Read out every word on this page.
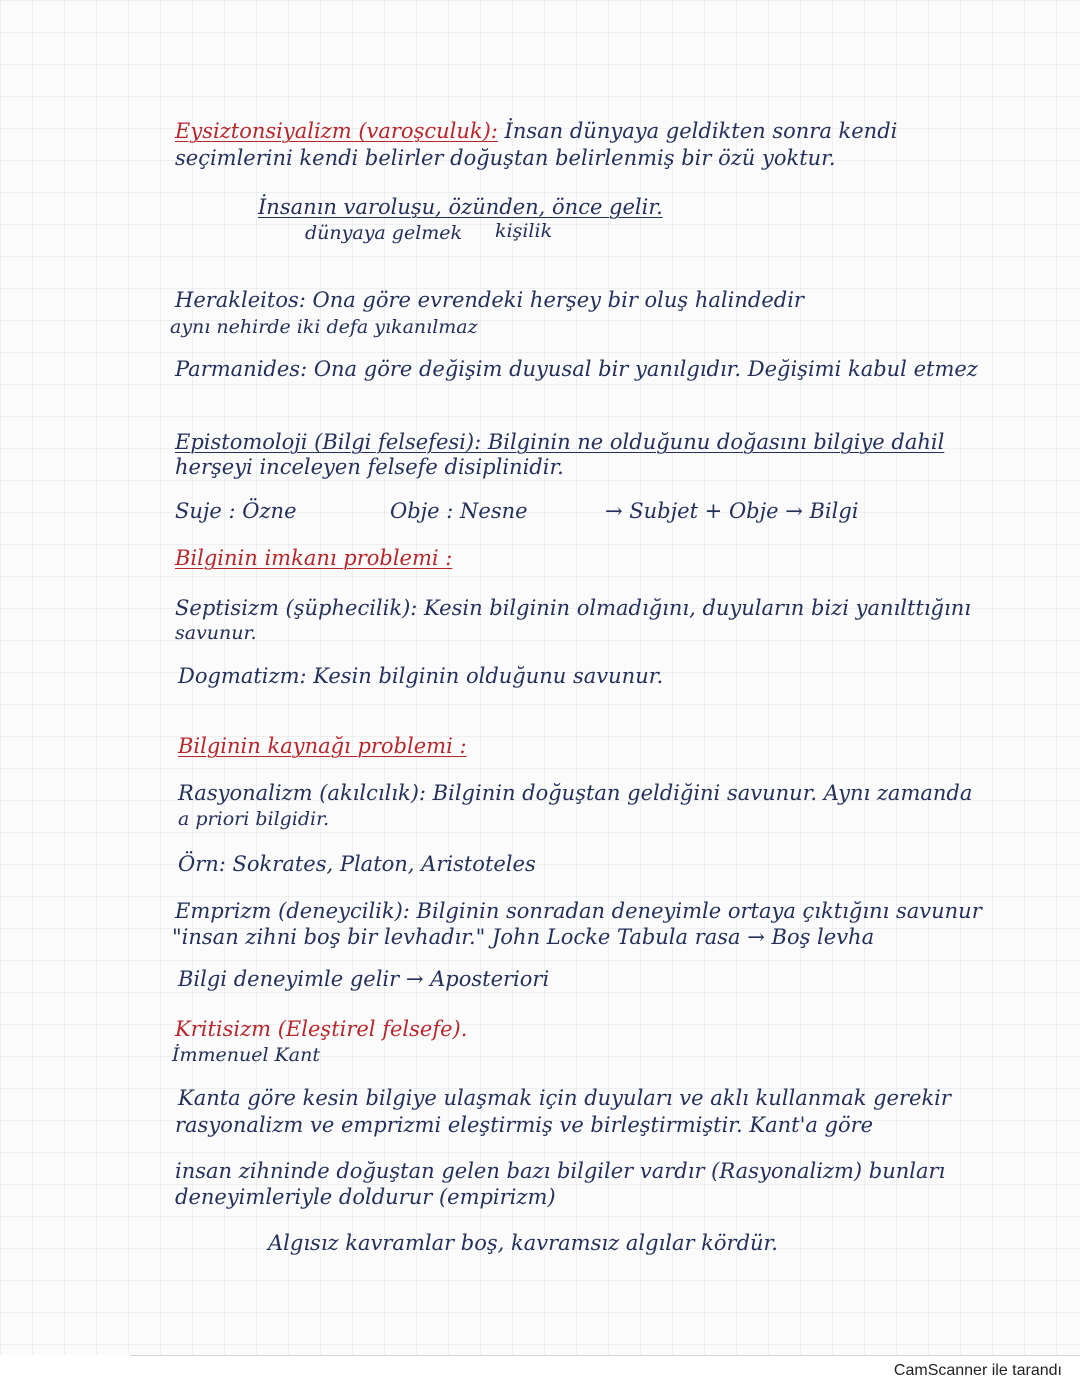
Eysiztonsiyalizm (varoşculuk): İnsan dünyaya geldikten sonra kendi
seçimlerini kendi belirler doğuştan belirlenmiş bir özü yoktur.
İnsanın varoluşu, özünden, önce gelir.
dünyaya gelmek kişilik
Herakleitos: Ona göre evrendeki herşey bir oluş halindedir
aynı nehirde iki defa yıkanılmaz
Parmanides: Ona göre değişim duyusal bir yanılgıdır. Değişimi kabul etmez
Epistomoloji (Bilgi felsefesi): Bilginin ne olduğunu doğasını bilgiye dahil
herşeyi inceleyen felsefe disiplinidir.
Suje : Özne	Obje : Nesne	→ Subjet + Obje → Bilgi
Bilginin imkanı problemi :
Septisizm (şüphecilik): Kesin bilginin olmadığını, duyuların bizi yanılttığını
savunur.
Dogmatizm: Kesin bilginin olduğunu savunur.
Bilginin kaynağı problemi :
Rasyonalizm (akılcılık): Bilginin doğuştan geldiğini savunur. Aynı zamanda
a priori bilgidir.
Örn: Sokrates, Platon, Aristoteles
Emprizm (deneycilik): Bilginin sonradan deneyimle ortaya çıktığını savunur
"insan zihni boş bir levhadır." John Locke Tabula rasa → Boş levha
Bilgi deneyimle gelir → Aposteriori
Kritisizm (Eleştirel felsefe).
İmmenuel Kant
Kanta göre kesin bilgiye ulaşmak için duyuları ve aklı kullanmak gerekir
rasyonalizm ve emprizmi eleştirmiş ve birleştirmiştir. Kant'a göre
insan zihninde doğuştan gelen bazı bilgiler vardır (Rasyonalizm) bunları
deneyimleriyle doldurur (empirizm)
Algısız kavramlar boş, kavramsız algılar kördür.
CamScanner ile tarandı
